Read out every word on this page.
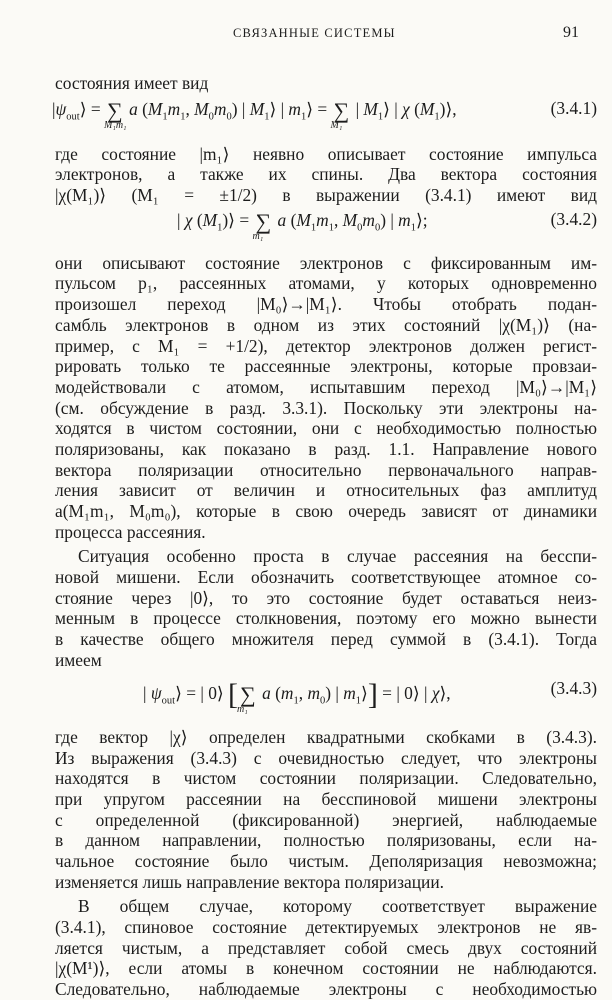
СВЯЗАННЫЕ СИСТЕМЫ	91
состояния имеет вид
$|\psi_{out}⟩$ = ∑
M₁m₁
a ($M_1m_1$, $M_0m_0$) | $M_1⟩$ | $m_1⟩$ = ∑
M₁
| $M_1⟩$ | χ $(M_1)⟩$,	(3.4.1)
где состояние |m₁⟩ неявно описывает состояние импульса
электронов, а также их спины. Два вектора состояния
|χ(M₁)⟩ (M₁ = ±1/2) в выражении (3.4.1) имеют вид
| χ $(M_1)⟩$ = ∑
m₁
a ($M_1m_1$, $M_0m_0$) | $m_1⟩$;	(3.4.2)
они описывают состояние электронов с фиксированным им-
пульсом p₁, рассеянных атомами, у которых одновременно
произошел переход |M₀⟩→|M₁⟩. Чтобы отобрать подан-
самбль электронов в одном из этих состояний |χ(M₁)⟩ (на-
пример, с M₁ = +1/2), детектор электронов должен регист-
рировать только те рассеянные электроны, которые провзаи-
модействовали с атомом, испытавшим переход |M₀⟩→|M₁⟩
(см. обсуждение в разд. 3.3.1). Поскольку эти электроны на-
ходятся в чистом состоянии, они с необходимостью полностью
поляризованы, как показано в разд. 1.1. Направление нового
вектора поляризации относительно первоначального направ-
ления зависит от величин и относительных фаз амплитуд
a(M₁m₁, M₀m₀), которые в свою очередь зависят от динамики
процесса рассеяния.
Ситуация особенно проста в случае рассеяния на бесспи-
новой мишени. Если обозначить соответствующее атомное со-
стояние через |0⟩, то это состояние будет оставаться неиз-
менным в процессе столкновения, поэтому его можно вынести
в качестве общего множителя перед суммой в (3.4.1). Тогда
имеем
| $\psi_{out}⟩$ = | 0⟩ [∑
m₁
a ($m_1$, $m_0$) | $m_1⟩$] = | 0⟩ | χ⟩,	(3.4.3)
где вектор |χ⟩ определен квадратными скобками в (3.4.3).
Из выражения (3.4.3) с очевидностью следует, что электроны
находятся в чистом состоянии поляризации. Следовательно,
при упругом рассеянии на бесспиновой мишени электроны
с определенной (фиксированной) энергией, наблюдаемые
в данном направлении, полностью поляризованы, если на-
чальное состояние было чистым. Деполяризация невозможна;
изменяется лишь направление вектора поляризации.
В общем случае, которому соответствует выражение
(3.4.1), спиновое состояние детектируемых электронов не яв-
ляется чистым, а представляет собой смесь двух состояний
|χ(M¹)⟩, если атомы в конечном состоянии не наблюдаются.
Следовательно, наблюдаемые электроны с необходимостью
